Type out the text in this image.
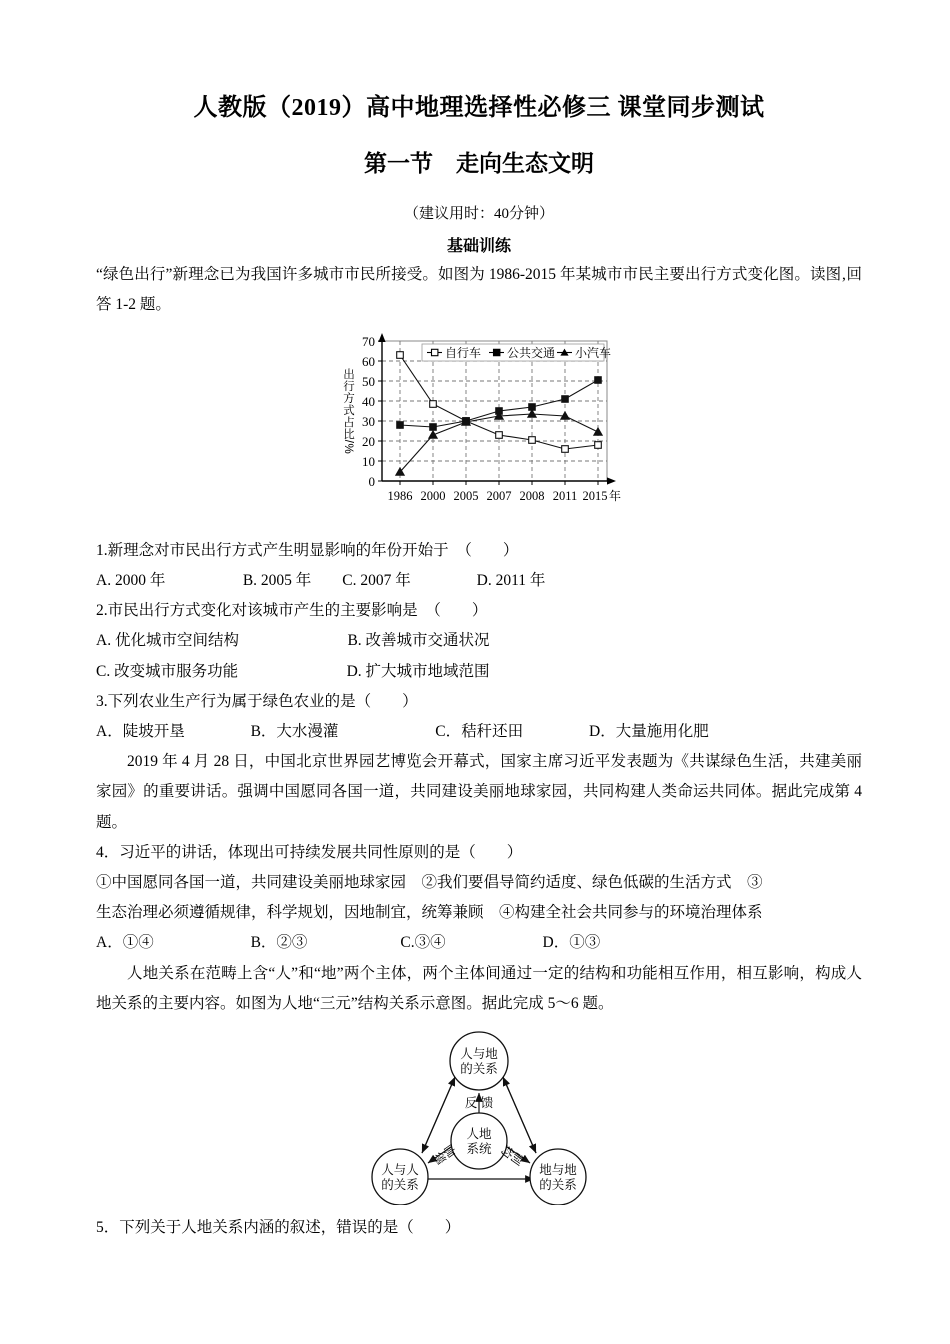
人教版（2019）高中地理选择性必修三 课堂同步测试
第一节　走向生态文明

（建议用时：40分钟）

基础训练

“绿色出行”新理念已为我国许多城市市民所接受。如图为 1986-2015 年某城市市民主要出行方式变化图。读图‚回答 1-2 题。

70
60
50
40
30
20
10
0
出行方式占比/%
1986 2000 2005 2007 2008 2011 2015 年
自行车 公共交通 小汽车

1.新理念对市民出行方式产生明显影响的年份开始于　（　　）

A. 2000 年　　　　　B. 2005 年　　C. 2007 年　　　　 D. 2011 年

2.市民出行方式变化对该城市产生的主要影响是　（　　）

A. 优化城市空间结构　　　　　　　B. 改善城市交通状况

C. 改变城市服务功能　　　　　　　D. 扩大城市地域范围

3.下列农业生产行为属于绿色农业的是（　　）

A．陡坡开垦　　　　 B．大水漫灌　　　　　　 C．秸秆还田　　　　 D．大量施用化肥

2019 年 4 月 28 日，中国北京世界园艺博览会开幕式，国家主席习近平发表题为《共谋绿色生活，共建美丽家园》的重要讲话。强调中国愿同各国一道，共同建设美丽地球家园，共同构建人类命运共同体。据此完成第 4 题。

4．习近平的讲话，体现出可持续发展共同性原则的是（　　）

①中国愿同各国一道，共同建设美丽地球家园　②我们要倡导简约适度、绿色低碳的生活方式　③

生态治理必须遵循规律，科学规划，因地制宜，统筹兼顾　④构建全社会共同参与的环境治理体系

A．①④　　　　　　 B．②③　　　　　　C.③④　　　　　　 D．①③

人地关系在范畴上含“人”和“地”两个主体，两个主体间通过一定的结构和功能相互作用，相互影响，构成人地关系的主要内容。如图为人地“三元”结构关系示意图。据此完成 5～6 题。

人与地
的关系
人地
系统
人与人
的关系
地与地
的关系
反 馈
影响	制约

5．下列关于人地关系内涵的叙述，错误的是（　　）
